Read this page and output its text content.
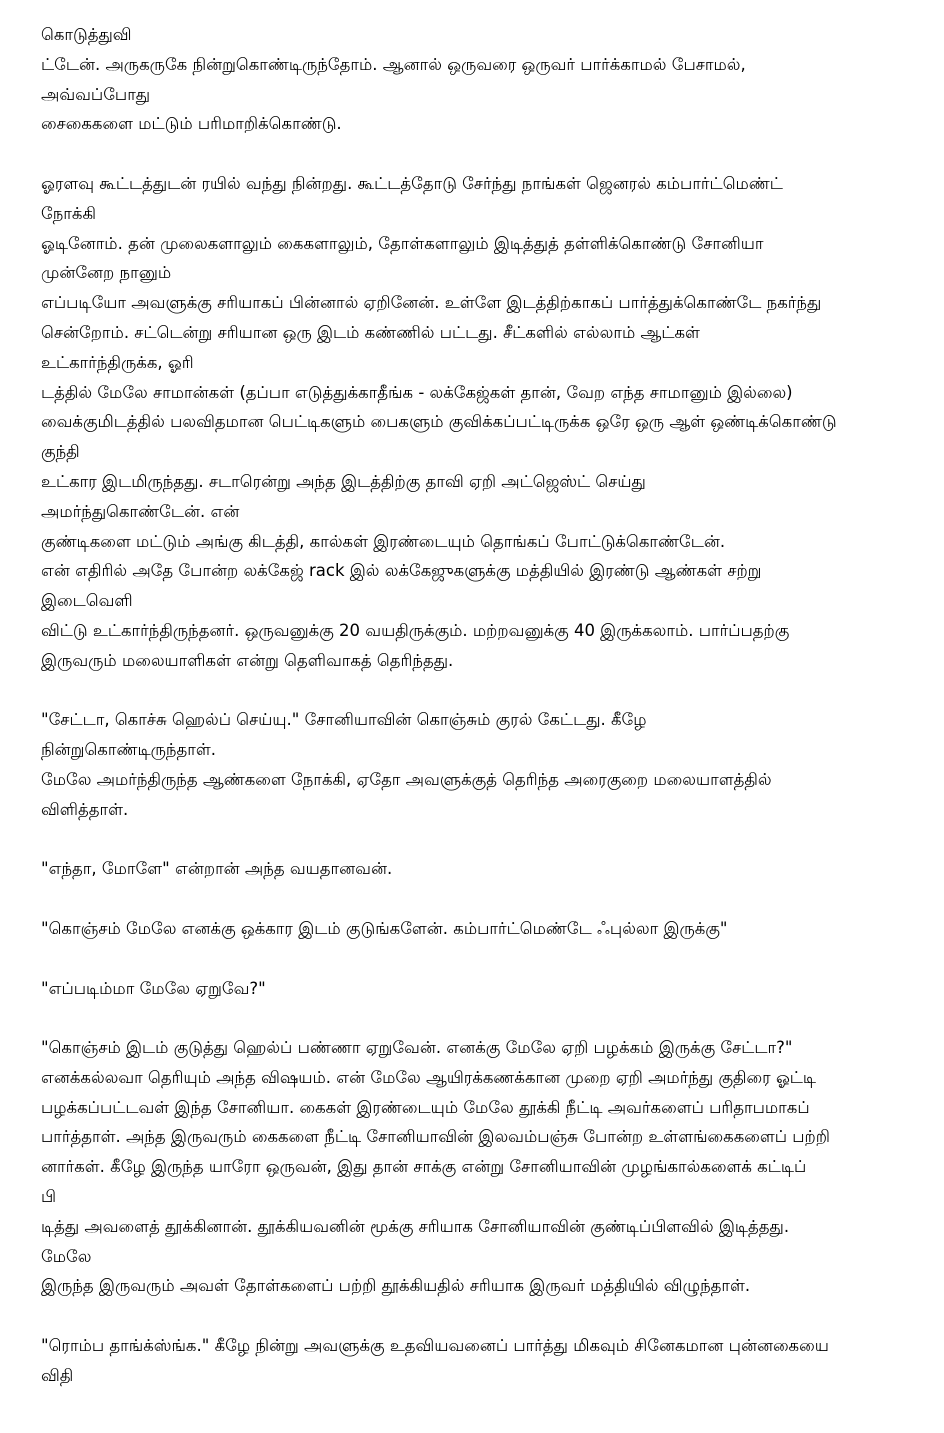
கொடுத்துவி
ட்டேன். அருகருகே நின்றுகொண்டிருந்தோம். ஆனால் ஒருவரை ஒருவர் பார்க்காமல் பேசாமல்,
அவ்வப்போது
சைகைகளை மட்டும் பரிமாறிக்கொண்டு.

ஓரளவு கூட்டத்துடன் ரயில் வந்து நின்றது. கூட்டத்தோடு சேர்ந்து நாங்கள் ஜெனரல் கம்பார்ட்மெண்ட்
நோக்கி
ஓடினோம். தன் முலைகளாலும் கைகளாலும், தோள்களாலும் இடித்துத் தள்ளிக்கொண்டு சோனியா
முன்னேற நானும்
எப்படியோ அவளுக்கு சரியாகப் பின்னால் ஏறினேன். உள்ளே இடத்திற்காகப் பார்த்துக்கொண்டே நகர்ந்து
சென்றோம். சட்டென்று சரியான ஒரு இடம் கண்ணில் பட்டது. சீட்களில் எல்லாம் ஆட்கள்
உட்கார்ந்திருக்க, ஓரி
டத்தில் மேலே சாமான்கள் (தப்பா எடுத்துக்காதீங்க - லக்கேஜ்கள் தான், வேற எந்த சாமானும் இல்லை)
வைக்குமிடத்தில் பலவிதமான பெட்டிகளும் பைகளும் குவிக்கப்பட்டிருக்க ஒரே ஒரு ஆள் ஒண்டிக்கொண்டு
குந்தி
உட்கார இடமிருந்தது. சடாரென்று அந்த இடத்திற்கு தாவி ஏறி அட்ஜெஸ்ட் செய்து
அமர்ந்துகொண்டேன். என்
குண்டிகளை மட்டும் அங்கு கிடத்தி, கால்கள் இரண்டையும் தொங்கப் போட்டுக்கொண்டேன்.
என் எதிரில் அதே போன்ற லக்கேஜ் rack இல் லக்கேஜுகளுக்கு மத்தியில் இரண்டு ஆண்கள் சற்று
இடைவெளி
விட்டு உட்கார்ந்திருந்தனர். ஒருவனுக்கு 20 வயதிருக்கும். மற்றவனுக்கு 40 இருக்கலாம். பார்ப்பதற்கு
இருவரும் மலையாளிகள் என்று தெளிவாகத் தெரிந்தது.

"சேட்டா, கொச்சு ஹெல்ப் செய்யு." சோனியாவின் கொஞ்சும் குரல் கேட்டது. கீழே
நின்றுகொண்டிருந்தாள்.
மேலே அமர்ந்திருந்த ஆண்களை நோக்கி, ஏதோ அவளுக்குத் தெரிந்த அரைகுறை மலையாளத்தில்
விளித்தாள்.

"எந்தா, மோளே" என்றான் அந்த வயதானவன்.

"கொஞ்சம் மேலே எனக்கு ஒக்கார இடம் குடுங்களேன். கம்பார்ட்மெண்டே ஃபுல்லா இருக்கு"

"எப்படிம்மா மேலே ஏறுவே?"

"கொஞ்சம் இடம் குடுத்து ஹெல்ப் பண்ணா ஏறுவேன். எனக்கு மேலே ஏறி பழக்கம் இருக்கு சேட்டா?"
எனக்கல்லவா தெரியும் அந்த விஷயம். என் மேலே ஆயிரக்கணக்கான முறை ஏறி அமர்ந்து குதிரை ஓட்டி
பழக்கப்பட்டவள் இந்த சோனியா. கைகள் இரண்டையும் மேலே தூக்கி நீட்டி அவர்களைப் பரிதாபமாகப்
பார்த்தாள். அந்த இருவரும் கைகளை நீட்டி சோனியாவின் இலவம்பஞ்சு போன்ற உள்ளங்கைகளைப் பற்றி
னார்கள். கீழே இருந்த யாரோ ஒருவன், இது தான் சாக்கு என்று சோனியாவின் முழங்கால்களைக் கட்டிப்
பி
டித்து அவளைத் தூக்கினான். தூக்கியவனின் மூக்கு சரியாக சோனியாவின் குண்டிப்பிளவில் இடித்தது.
மேலே
இருந்த இருவரும் அவள் தோள்களைப் பற்றி தூக்கியதில் சரியாக இருவர் மத்தியில் விழுந்தாள்.

"ரொம்ப தாங்க்ஸ்ங்க." கீழே நின்று அவளுக்கு உதவியவனைப் பார்த்து மிகவும் சினேகமான புன்னகையை
விதி
